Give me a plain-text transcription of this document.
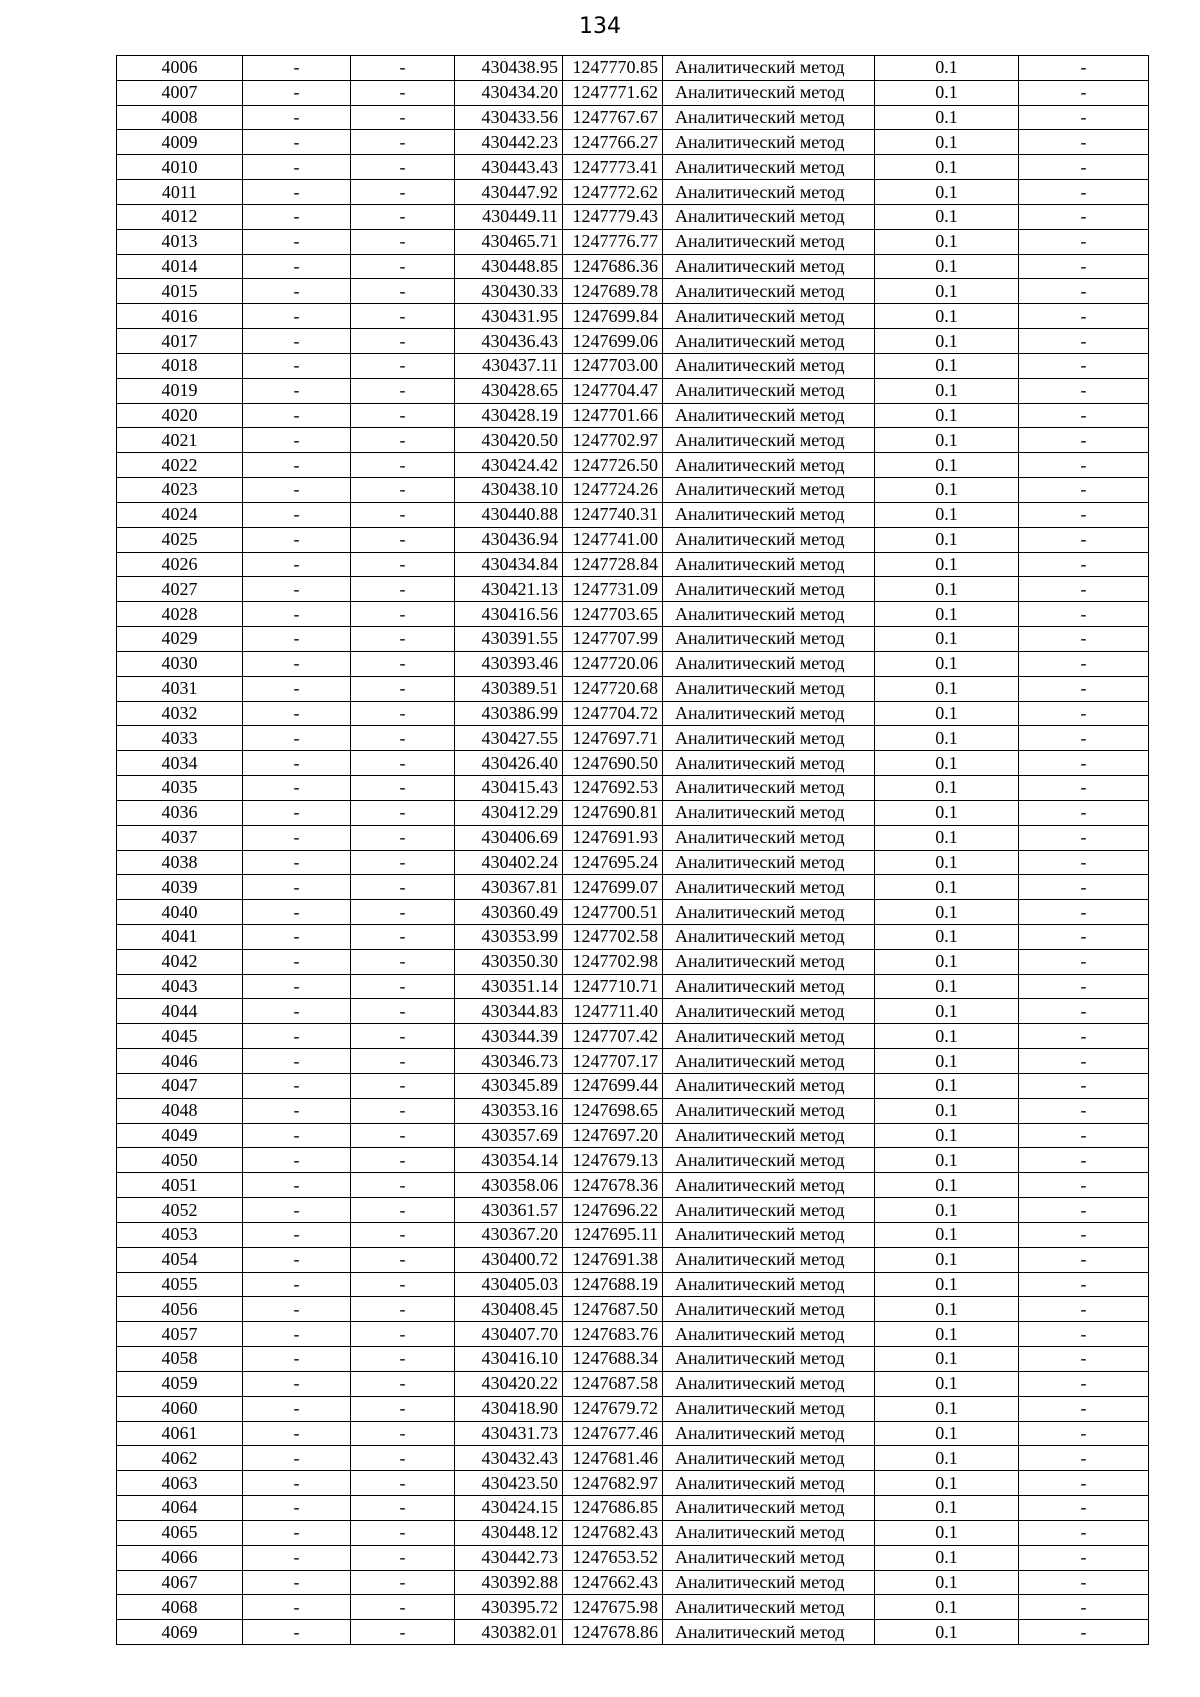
134
4006	-	-	430438.95	1247770.85	Аналитический метод	0.1	-
4007	-	-	430434.20	1247771.62	Аналитический метод	0.1	-
4008	-	-	430433.56	1247767.67	Аналитический метод	0.1	-
4009	-	-	430442.23	1247766.27	Аналитический метод	0.1	-
4010	-	-	430443.43	1247773.41	Аналитический метод	0.1	-
4011	-	-	430447.92	1247772.62	Аналитический метод	0.1	-
4012	-	-	430449.11	1247779.43	Аналитический метод	0.1	-
4013	-	-	430465.71	1247776.77	Аналитический метод	0.1	-
4014	-	-	430448.85	1247686.36	Аналитический метод	0.1	-
4015	-	-	430430.33	1247689.78	Аналитический метод	0.1	-
4016	-	-	430431.95	1247699.84	Аналитический метод	0.1	-
4017	-	-	430436.43	1247699.06	Аналитический метод	0.1	-
4018	-	-	430437.11	1247703.00	Аналитический метод	0.1	-
4019	-	-	430428.65	1247704.47	Аналитический метод	0.1	-
4020	-	-	430428.19	1247701.66	Аналитический метод	0.1	-
4021	-	-	430420.50	1247702.97	Аналитический метод	0.1	-
4022	-	-	430424.42	1247726.50	Аналитический метод	0.1	-
4023	-	-	430438.10	1247724.26	Аналитический метод	0.1	-
4024	-	-	430440.88	1247740.31	Аналитический метод	0.1	-
4025	-	-	430436.94	1247741.00	Аналитический метод	0.1	-
4026	-	-	430434.84	1247728.84	Аналитический метод	0.1	-
4027	-	-	430421.13	1247731.09	Аналитический метод	0.1	-
4028	-	-	430416.56	1247703.65	Аналитический метод	0.1	-
4029	-	-	430391.55	1247707.99	Аналитический метод	0.1	-
4030	-	-	430393.46	1247720.06	Аналитический метод	0.1	-
4031	-	-	430389.51	1247720.68	Аналитический метод	0.1	-
4032	-	-	430386.99	1247704.72	Аналитический метод	0.1	-
4033	-	-	430427.55	1247697.71	Аналитический метод	0.1	-
4034	-	-	430426.40	1247690.50	Аналитический метод	0.1	-
4035	-	-	430415.43	1247692.53	Аналитический метод	0.1	-
4036	-	-	430412.29	1247690.81	Аналитический метод	0.1	-
4037	-	-	430406.69	1247691.93	Аналитический метод	0.1	-
4038	-	-	430402.24	1247695.24	Аналитический метод	0.1	-
4039	-	-	430367.81	1247699.07	Аналитический метод	0.1	-
4040	-	-	430360.49	1247700.51	Аналитический метод	0.1	-
4041	-	-	430353.99	1247702.58	Аналитический метод	0.1	-
4042	-	-	430350.30	1247702.98	Аналитический метод	0.1	-
4043	-	-	430351.14	1247710.71	Аналитический метод	0.1	-
4044	-	-	430344.83	1247711.40	Аналитический метод	0.1	-
4045	-	-	430344.39	1247707.42	Аналитический метод	0.1	-
4046	-	-	430346.73	1247707.17	Аналитический метод	0.1	-
4047	-	-	430345.89	1247699.44	Аналитический метод	0.1	-
4048	-	-	430353.16	1247698.65	Аналитический метод	0.1	-
4049	-	-	430357.69	1247697.20	Аналитический метод	0.1	-
4050	-	-	430354.14	1247679.13	Аналитический метод	0.1	-
4051	-	-	430358.06	1247678.36	Аналитический метод	0.1	-
4052	-	-	430361.57	1247696.22	Аналитический метод	0.1	-
4053	-	-	430367.20	1247695.11	Аналитический метод	0.1	-
4054	-	-	430400.72	1247691.38	Аналитический метод	0.1	-
4055	-	-	430405.03	1247688.19	Аналитический метод	0.1	-
4056	-	-	430408.45	1247687.50	Аналитический метод	0.1	-
4057	-	-	430407.70	1247683.76	Аналитический метод	0.1	-
4058	-	-	430416.10	1247688.34	Аналитический метод	0.1	-
4059	-	-	430420.22	1247687.58	Аналитический метод	0.1	-
4060	-	-	430418.90	1247679.72	Аналитический метод	0.1	-
4061	-	-	430431.73	1247677.46	Аналитический метод	0.1	-
4062	-	-	430432.43	1247681.46	Аналитический метод	0.1	-
4063	-	-	430423.50	1247682.97	Аналитический метод	0.1	-
4064	-	-	430424.15	1247686.85	Аналитический метод	0.1	-
4065	-	-	430448.12	1247682.43	Аналитический метод	0.1	-
4066	-	-	430442.73	1247653.52	Аналитический метод	0.1	-
4067	-	-	430392.88	1247662.43	Аналитический метод	0.1	-
4068	-	-	430395.72	1247675.98	Аналитический метод	0.1	-
4069	-	-	430382.01	1247678.86	Аналитический метод	0.1	-
